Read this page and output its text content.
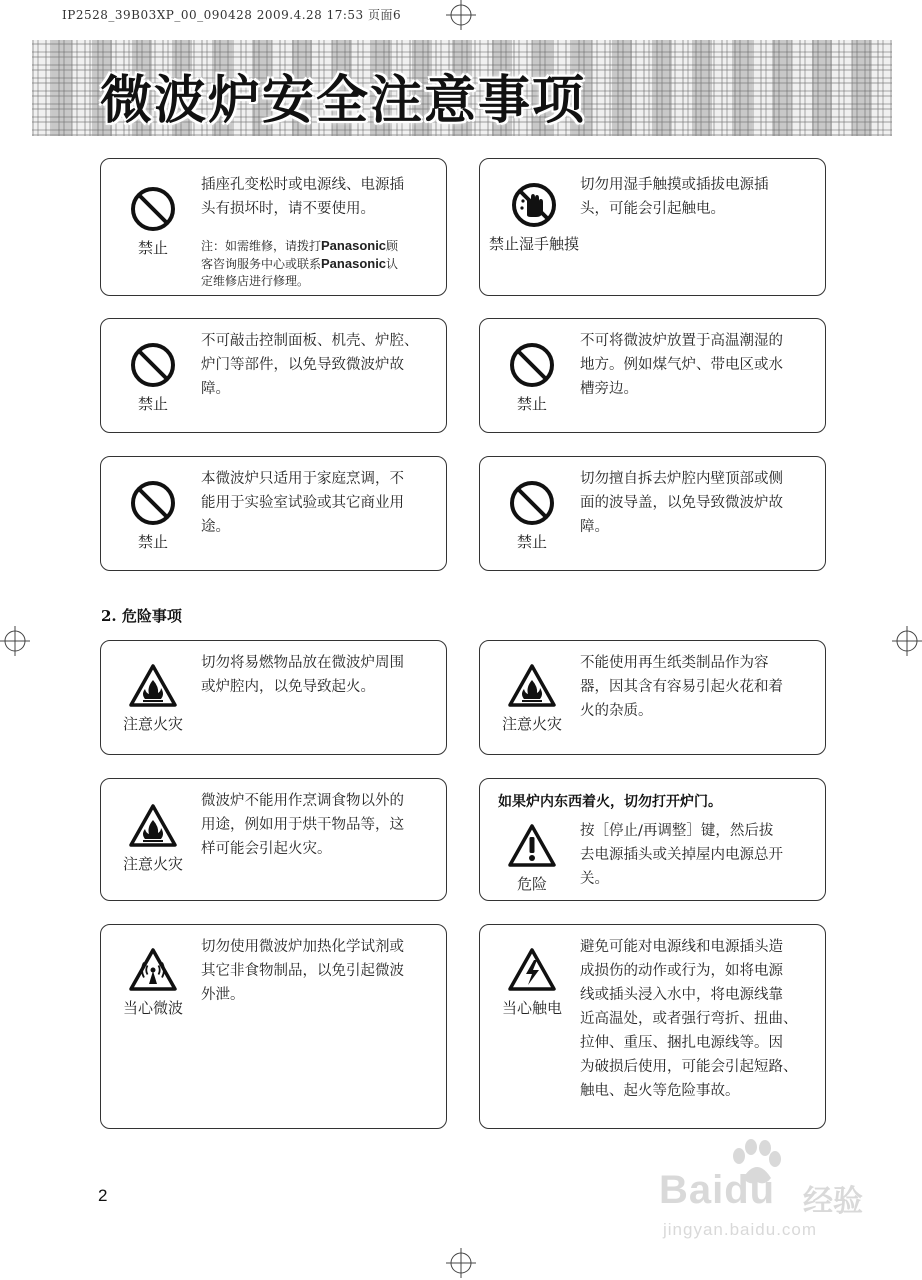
IP2528_39B03XP_00_090428 2009.4.28 17:53 页面6
微波炉安全注意事项
禁止
插座孔变松时或电源线、电源插
头有损坏时，请不要使用。
注：如需维修，请拨打Panasonic顾
客咨询服务中心或联系Panasonic认
定维修店进行修理。
禁止湿手触摸
切勿用湿手触摸或插拔电源插
头，可能会引起触电。
禁止
不可敲击控制面板、机壳、炉腔、
炉门等部件，以免导致微波炉故
障。
禁止
不可将微波炉放置于高温潮湿的
地方。例如煤气炉、带电区或水
槽旁边。
禁止
本微波炉只适用于家庭烹调，不
能用于实验室试验或其它商业用
途。
禁止
切勿擅自拆去炉腔内壁顶部或侧
面的波导盖，以免导致微波炉故
障。
2. 危险事项
注意火灾
切勿将易燃物品放在微波炉周围
或炉腔内，以免导致起火。
注意火灾
不能使用再生纸类制品作为容
器，因其含有容易引起火花和着
火的杂质。
注意火灾
微波炉不能用作烹调食物以外的
用途，例如用于烘干物品等，这
样可能会引起火灾。
如果炉内东西着火，切勿打开炉门。
危险
按［停止/再调整］键，然后拔
去电源插头或关掉屋内电源总开
关。
当心微波
切勿使用微波炉加热化学试剂或
其它非食物制品，以免引起微波
外泄。
当心触电
避免可能对电源线和电源插头造
成损伤的动作或行为，如将电源
线或插头浸入水中，将电源线靠
近高温处，或者强行弯折、扭曲、
拉伸、重压、捆扎电源线等。因
为破损后使用，可能会引起短路、
触电、起火等危险事故。
2	Baidu 经验
jingyan.baidu.com
